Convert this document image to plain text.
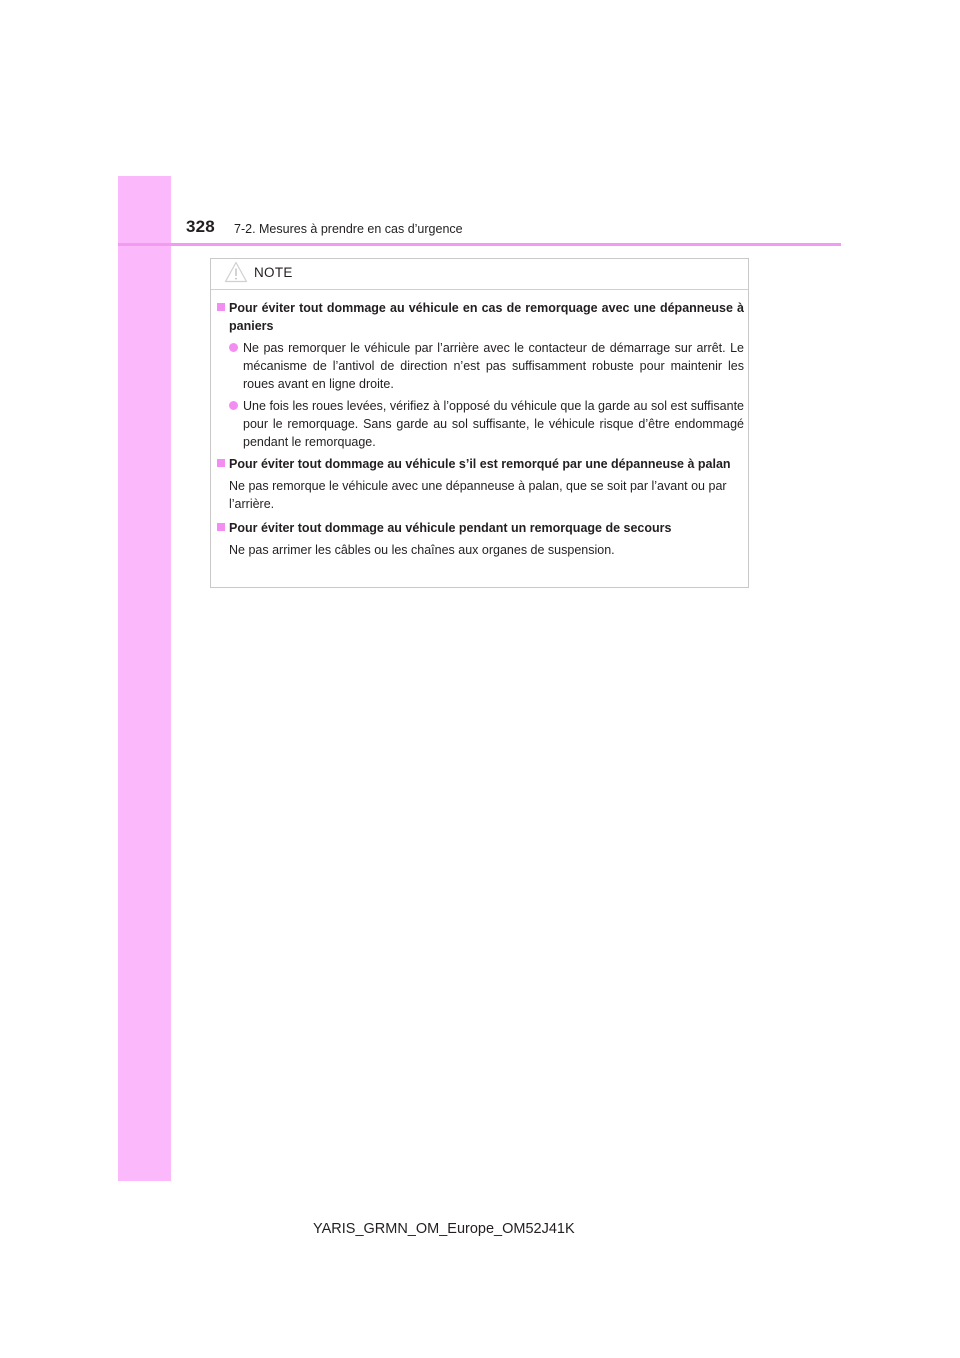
328 7-2. Mesures à prendre en cas d’urgence
NOTE
Pour éviter tout dommage au véhicule en cas de remorquage avec une dépanneuse à paniers
Ne pas remorquer le véhicule par l’arrière avec le contacteur de démarrage sur arrêt. Le mécanisme de l’antivol de direction n’est pas suffisamment robuste pour maintenir les roues avant en ligne droite.
Une fois les roues levées, vérifiez à l’opposé du véhicule que la garde au sol est suffisante pour le remorquage. Sans garde au sol suffisante, le véhicule risque d’être endommagé pendant le remorquage.
Pour éviter tout dommage au véhicule s’il est remorqué par une dépanneuse à palan
Ne pas remorque le véhicule avec une dépanneuse à palan, que se soit par l’avant ou par l’arrière.
Pour éviter tout dommage au véhicule pendant un remorquage de secours
Ne pas arrimer les câbles ou les chaînes aux organes de suspension.
YARIS_GRMN_OM_Europe_OM52J41K
